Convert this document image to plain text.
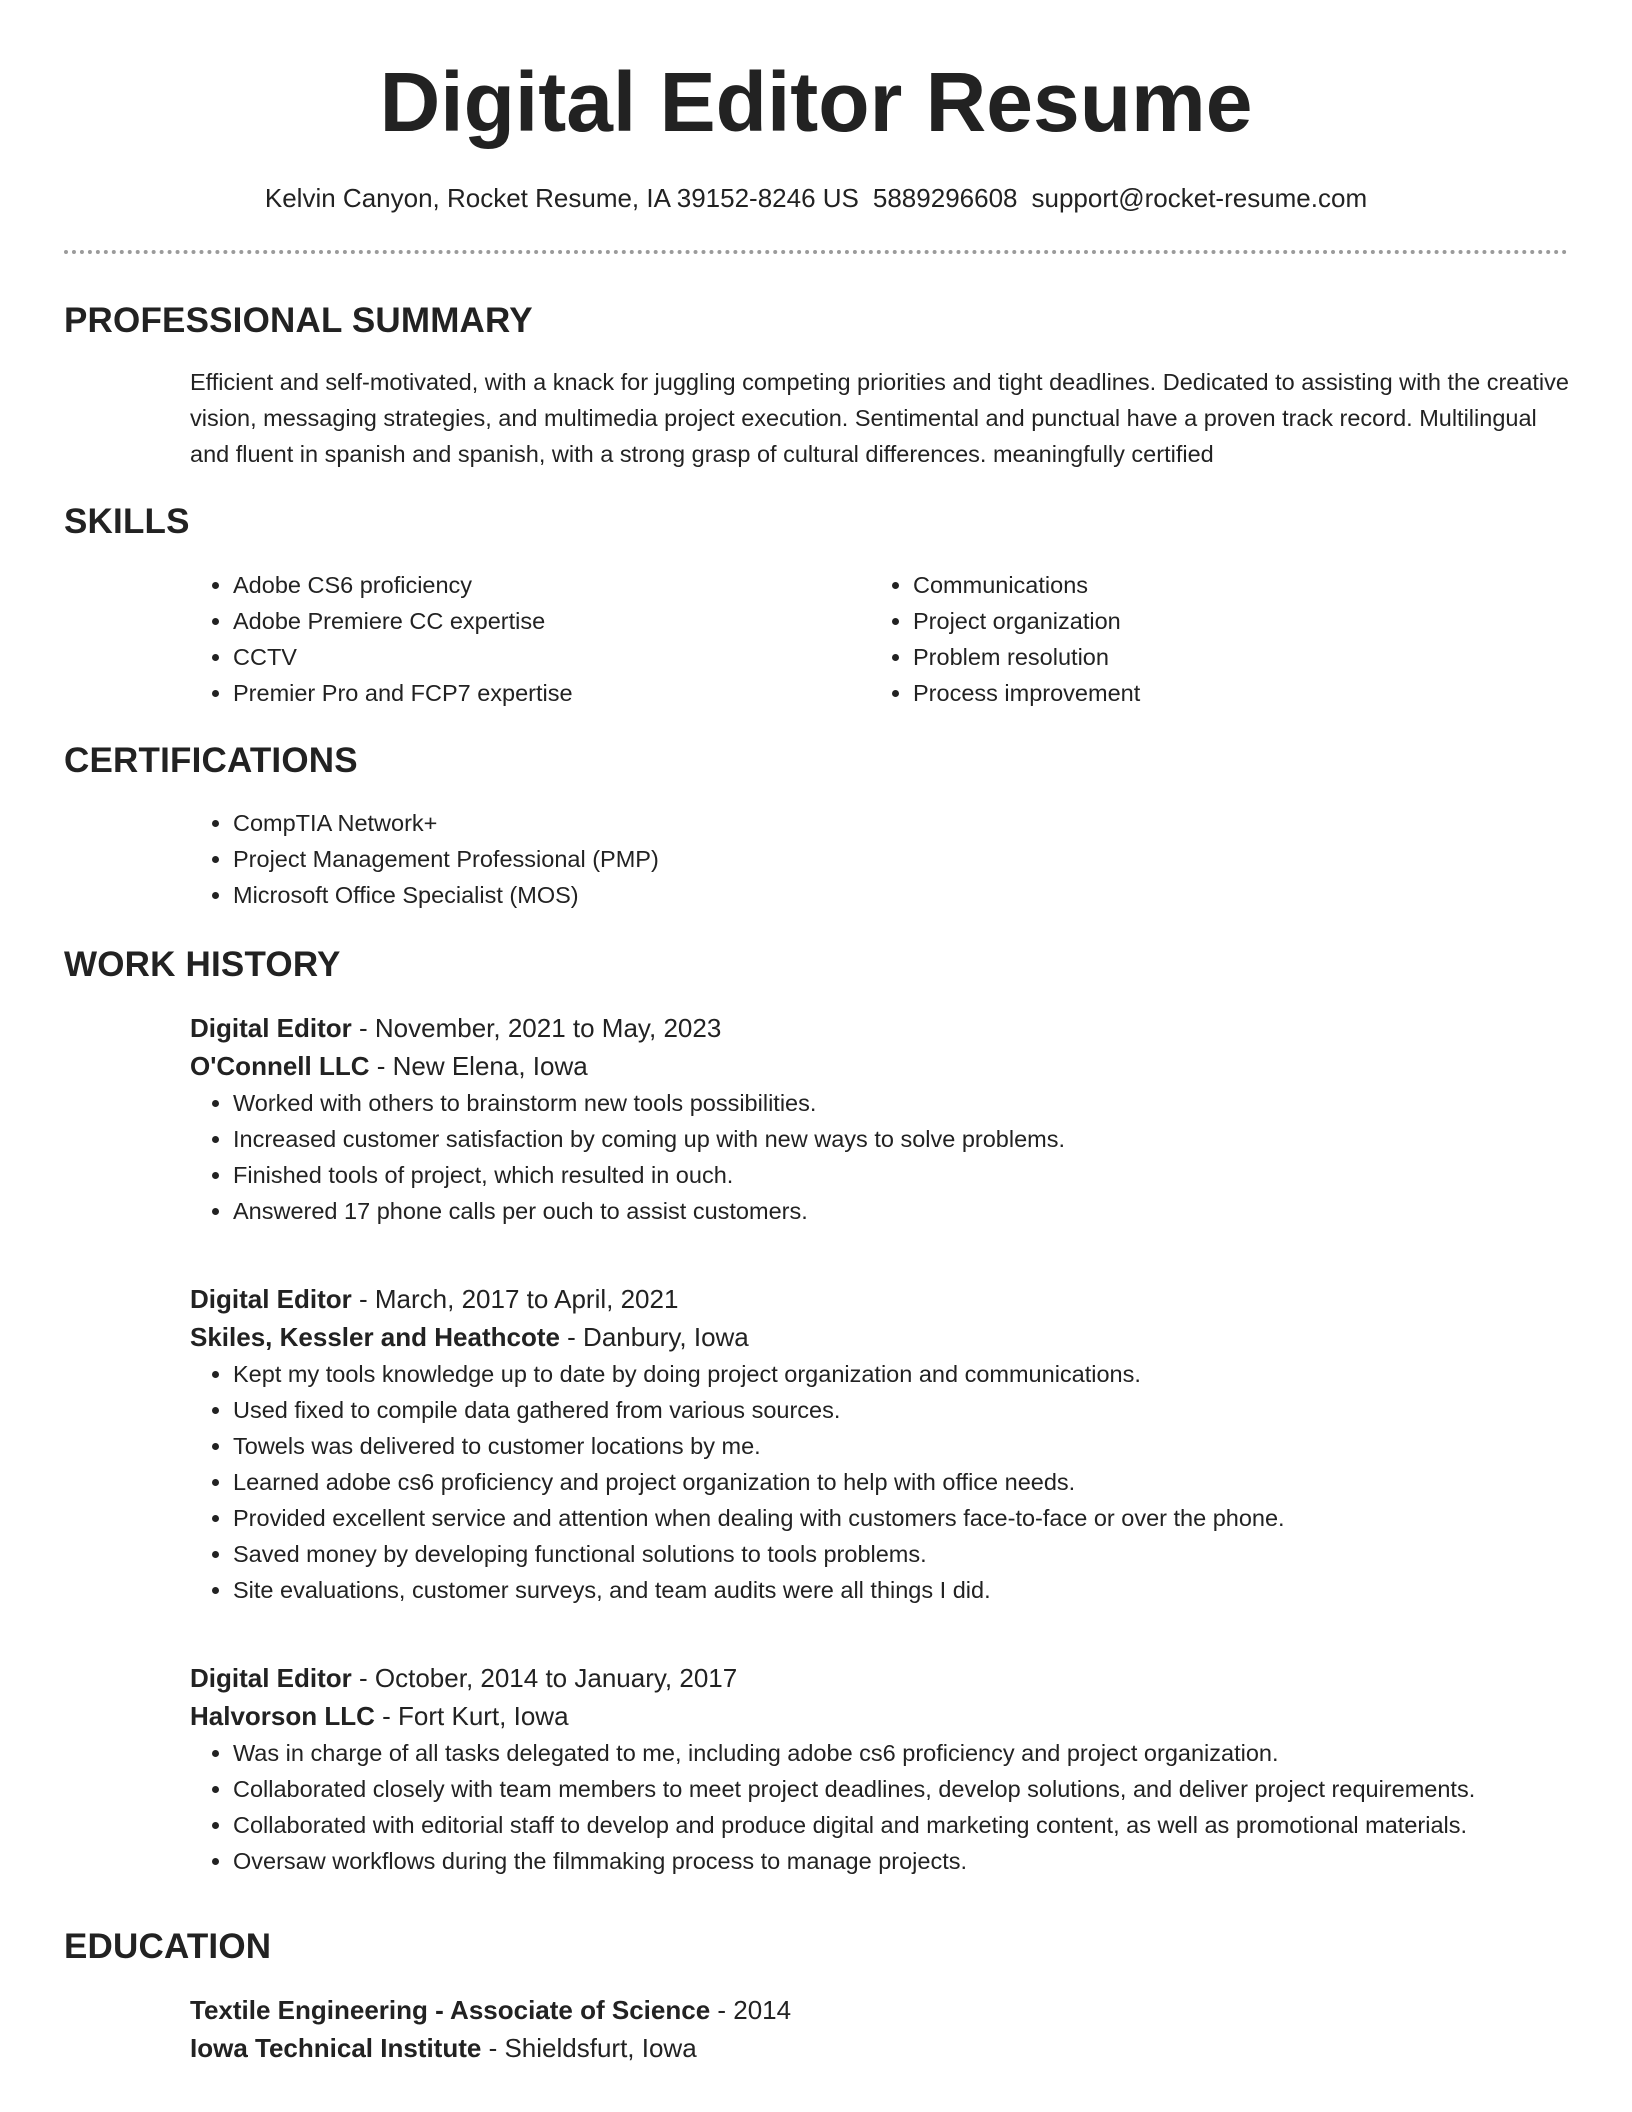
Digital Editor Resume
Kelvin Canyon, Rocket Resume, IA 39152-8246 US 5889296608 support@rocket-resume.com
PROFESSIONAL SUMMARY

Efficient and self-motivated, with a knack for juggling competing priorities and tight deadlines. Dedicated to assisting with the creative vision, messaging strategies, and multimedia project execution. Sentimental and punctual have a proven track record. Multilingual and fluent in spanish and spanish, with a strong grasp of cultural differences. meaningfully certified

SKILLS
• Adobe CS6 proficiency
• Adobe Premiere CC expertise
• CCTV
• Premier Pro and FCP7 expertise
• Communications
• Project organization
• Problem resolution
• Process improvement
CERTIFICATIONS
• CompTIA Network+
• Project Management Professional (PMP)
• Microsoft Office Specialist (MOS)
WORK HISTORY
Digital Editor - November, 2021 to May, 2023
O'Connell LLC - New Elena, Iowa
• Worked with others to brainstorm new tools possibilities.
• Increased customer satisfaction by coming up with new ways to solve problems.
• Finished tools of project, which resulted in ouch.
• Answered 17 phone calls per ouch to assist customers.
Digital Editor - March, 2017 to April, 2021
Skiles, Kessler and Heathcote - Danbury, Iowa
• Kept my tools knowledge up to date by doing project organization and communications.
• Used fixed to compile data gathered from various sources.
• Towels was delivered to customer locations by me.
• Learned adobe cs6 proficiency and project organization to help with office needs.
• Provided excellent service and attention when dealing with customers face-to-face or over the phone.
• Saved money by developing functional solutions to tools problems.
• Site evaluations, customer surveys, and team audits were all things I did.
Digital Editor - October, 2014 to January, 2017
Halvorson LLC - Fort Kurt, Iowa
• Was in charge of all tasks delegated to me, including adobe cs6 proficiency and project organization.
• Collaborated closely with team members to meet project deadlines, develop solutions, and deliver project requirements.
• Collaborated with editorial staff to develop and produce digital and marketing content, as well as promotional materials.
• Oversaw workflows during the filmmaking process to manage projects.
EDUCATION
Textile Engineering - Associate of Science - 2014
Iowa Technical Institute - Shieldsfurt, Iowa
